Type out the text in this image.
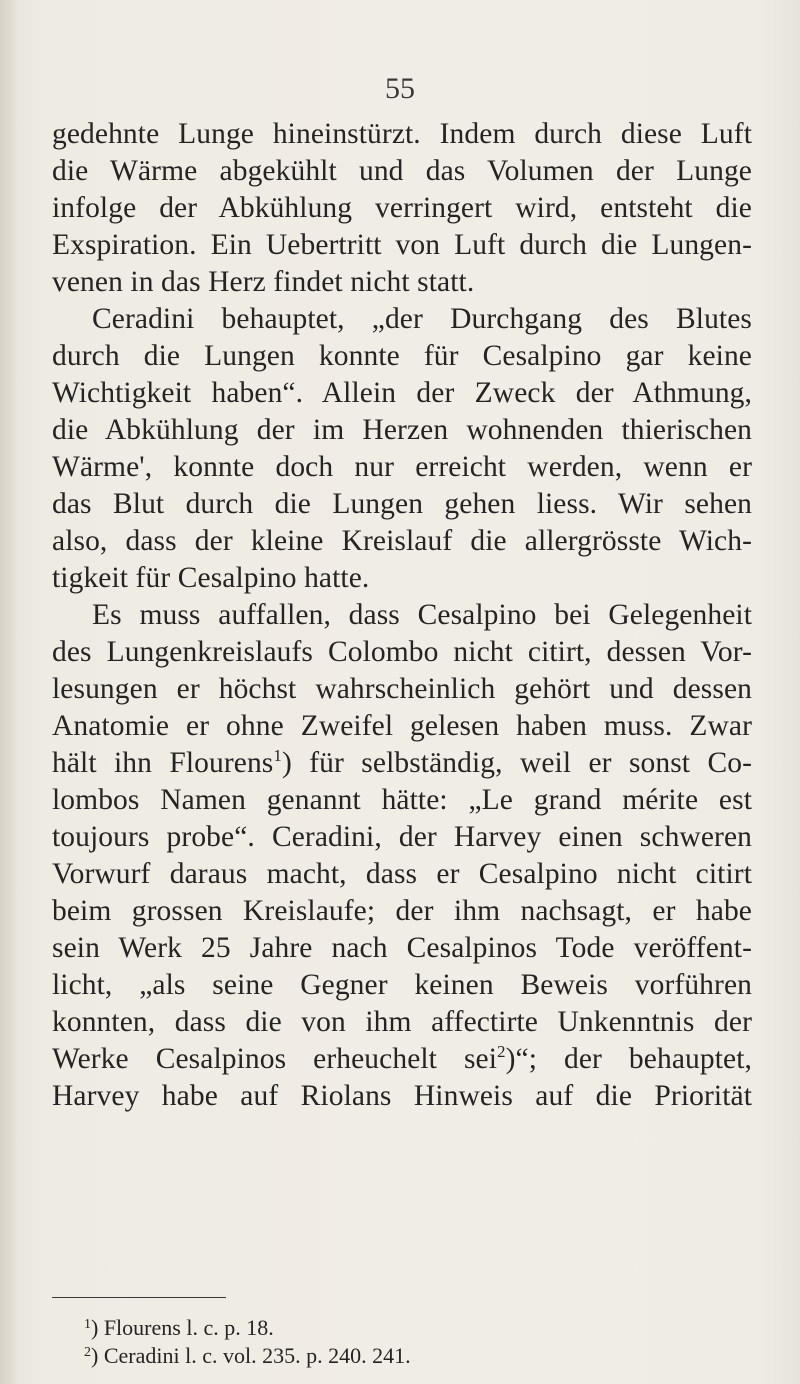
55
gedehnte Lunge hineinstürzt. Indem durch diese Luft
die Wärme abgekühlt und das Volumen der Lunge
infolge der Abkühlung verringert wird, entsteht die
Exspiration. Ein Uebertritt von Luft durch die Lungen-
venen in das Herz findet nicht statt.
Ceradini behauptet, „der Durchgang des Blutes
durch die Lungen konnte für Cesalpino gar keine
Wichtigkeit haben“. Allein der Zweck der Athmung,
die Abkühlung der im Herzen wohnenden thierischen
Wärme', konnte doch nur erreicht werden, wenn er
das Blut durch die Lungen gehen liess. Wir sehen
also, dass der kleine Kreislauf die allergrösste Wich-
tigkeit für Cesalpino hatte.
Es muss auffallen, dass Cesalpino bei Gelegenheit
des Lungenkreislaufs Colombo nicht citirt, dessen Vor-
lesungen er höchst wahrscheinlich gehört und dessen
Anatomie er ohne Zweifel gelesen haben muss. Zwar
hält ihn Flourens$^1$) für selbständig, weil er sonst Co-
lombos Namen genannt hätte: „Le grand mérite est
toujours probe“. Ceradini, der Harvey einen schweren
Vorwurf daraus macht, dass er Cesalpino nicht citirt
beim grossen Kreislaufe; der ihm nachsagt, er habe
sein Werk 25 Jahre nach Cesalpinos Tode veröffent-
licht, „als seine Gegner keinen Beweis vorführen
konnten, dass die von ihm affectirte Unkenntnis der
Werke Cesalpinos erheuchelt sei$^2$)“; der behauptet,
Harvey habe auf Riolans Hinweis auf die Priorität
$^1$) Flourens l. c. p. 18.
$^2$) Ceradini l. c. vol. 235. p. 240. 241.
